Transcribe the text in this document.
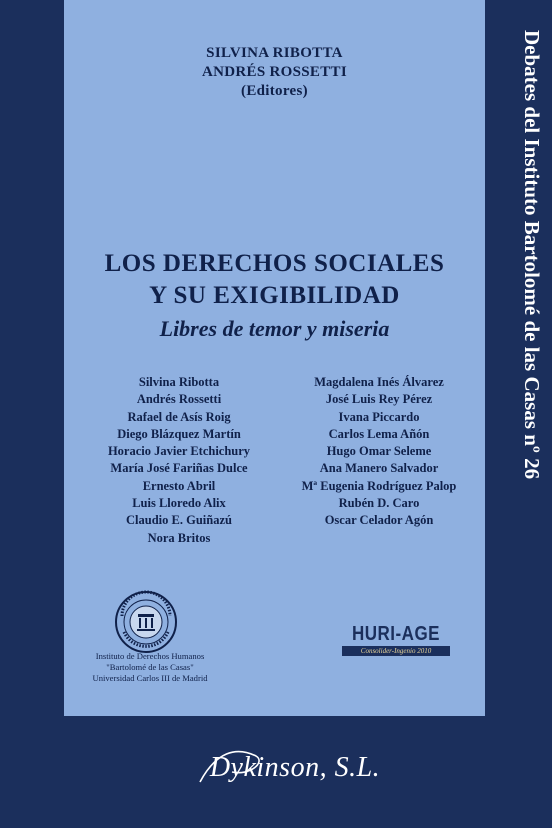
SILVINA RIBOTTA
ANDRÉS ROSSETTI
(Editores)
LOS DERECHOS SOCIALES
Y SU EXIGIBILIDAD
Libres de temor y miseria
Silvina Ribotta
Andrés Rossetti
Rafael de Asís Roig
Diego Blázquez Martín
Horacio Javier Etchichury
María José Fariñas Dulce
Ernesto Abril
Luis Lloredo Alix
Claudio E. Guiñazú
Nora Britos
Magdalena Inés Álvarez
José Luis Rey Pérez
Ivana Piccardo
Carlos Lema Añón
Hugo Omar Seleme
Ana Manero Salvador
Mª Eugenia Rodríguez Palop
Rubén D. Caro
Oscar Celador Agón
Instituto de Derechos Humanos
"Bartolomé de las Casas"
Universidad Carlos III de Madrid
HURI-AGE
Consolider-Ingenio 2010
Debates del Instituto Bartolomé de las Casas nº 26
Dykinson, S.L.
